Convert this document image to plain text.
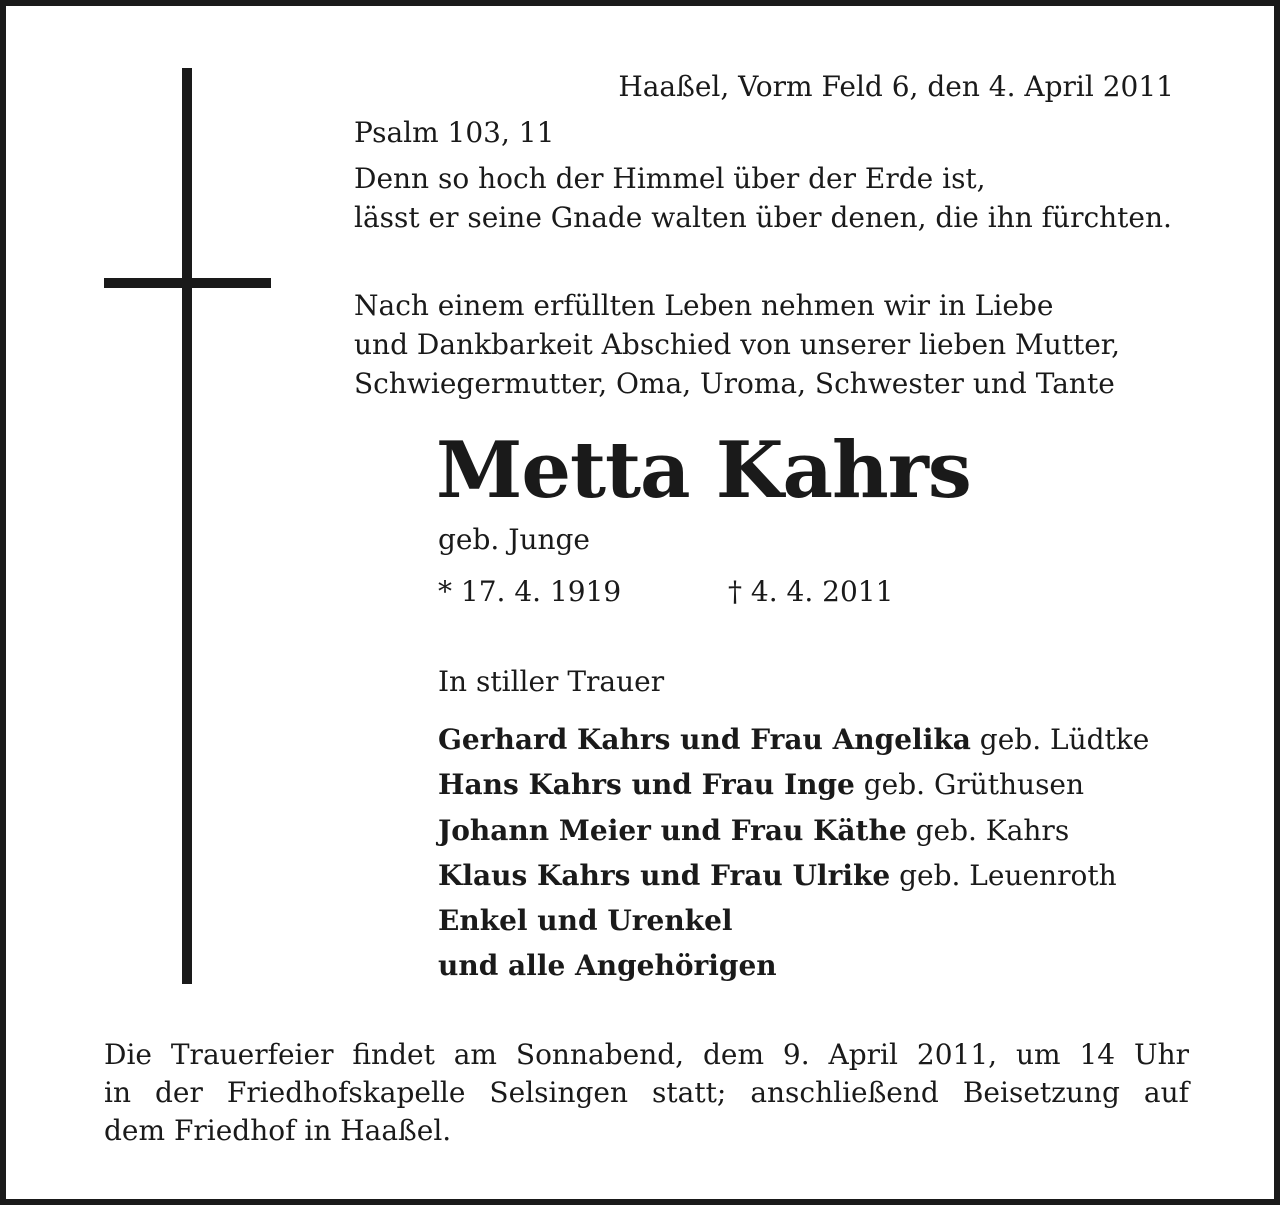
Haaßel, Vorm Feld 6, den 4. April 2011
Psalm 103, 11
Denn so hoch der Himmel über der Erde ist,
lässt er seine Gnade walten über denen, die ihn fürchten.
Nach einem erfüllten Leben nehmen wir in Liebe
und Dankbarkeit Abschied von unserer lieben Mutter,
Schwiegermutter, Oma, Uroma, Schwester und Tante
Metta Kahrs
geb. Junge
* 17. 4. 1919	† 4. 4. 2011
In stiller Trauer
Gerhard Kahrs und Frau Angelika geb. Lüdtke
Hans Kahrs und Frau Inge geb. Grüthusen
Johann Meier und Frau Käthe geb. Kahrs
Klaus Kahrs und Frau Ulrike geb. Leuenroth
Enkel und Urenkel
und alle Angehörigen
Die Trauerfeier findet am Sonnabend, dem 9. April 2011, um 14 Uhr
in der Friedhofskapelle Selsingen statt; anschließend Beisetzung auf
dem Friedhof in Haaßel.
